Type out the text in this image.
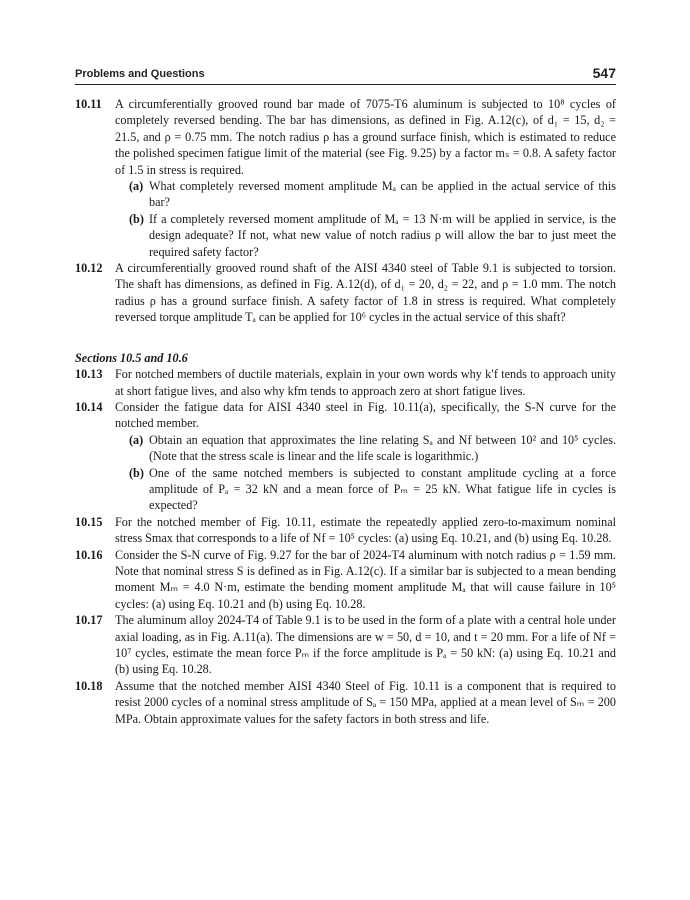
Problems and Questions	547
10.11 A circumferentially grooved round bar made of 7075-T6 aluminum is subjected to 10⁸ cycles of completely reversed bending. The bar has dimensions, as defined in Fig. A.12(c), of d₁ = 15, d₂ = 21.5, and ρ = 0.75 mm. The notch radius ρ has a ground surface finish, which is estimated to reduce the polished specimen fatigue limit of the material (see Fig. 9.25) by a factor mₛ = 0.8. A safety factor of 1.5 in stress is required.
(a) What completely reversed moment amplitude Mₐ can be applied in the actual service of this bar?
(b) If a completely reversed moment amplitude of Mₐ = 13 N·m will be applied in service, is the design adequate? If not, what new value of notch radius ρ will allow the bar to just meet the required safety factor?
10.12 A circumferentially grooved round shaft of the AISI 4340 steel of Table 9.1 is subjected to torsion. The shaft has dimensions, as defined in Fig. A.12(d), of d₁ = 20, d₂ = 22, and ρ = 1.0 mm. The notch radius ρ has a ground surface finish. A safety factor of 1.8 in stress is required. What completely reversed torque amplitude Tₐ can be applied for 10⁶ cycles in the actual service of this shaft?
Sections 10.5 and 10.6
10.13 For notched members of ductile materials, explain in your own words why k′f tends to approach unity at short fatigue lives, and also why kfm tends to approach zero at short fatigue lives.
10.14 Consider the fatigue data for AISI 4340 steel in Fig. 10.11(a), specifically, the S-N curve for the notched member.
(a) Obtain an equation that approximates the line relating Sₐ and Nf between 10² and 10⁵ cycles. (Note that the stress scale is linear and the life scale is logarithmic.)
(b) One of the same notched members is subjected to constant amplitude cycling at a force amplitude of Pₐ = 32 kN and a mean force of Pₘ = 25 kN. What fatigue life in cycles is expected?
10.15 For the notched member of Fig. 10.11, estimate the repeatedly applied zero-to-maximum nominal stress Smax that corresponds to a life of Nf = 10⁵ cycles: (a) using Eq. 10.21, and (b) using Eq. 10.28.
10.16 Consider the S-N curve of Fig. 9.27 for the bar of 2024-T4 aluminum with notch radius ρ = 1.59 mm. Note that nominal stress S is defined as in Fig. A.12(c). If a similar bar is subjected to a mean bending moment Mₘ = 4.0 N·m, estimate the bending moment amplitude Mₐ that will cause failure in 10⁵ cycles: (a) using Eq. 10.21 and (b) using Eq. 10.28.
10.17 The aluminum alloy 2024-T4 of Table 9.1 is to be used in the form of a plate with a central hole under axial loading, as in Fig. A.11(a). The dimensions are w = 50, d = 10, and t = 20 mm. For a life of Nf = 10⁷ cycles, estimate the mean force Pₘ if the force amplitude is Pₐ = 50 kN: (a) using Eq. 10.21 and (b) using Eq. 10.28.
10.18 Assume that the notched member AISI 4340 Steel of Fig. 10.11 is a component that is required to resist 2000 cycles of a nominal stress amplitude of Sₐ = 150 MPa, applied at a mean level of Sₘ = 200 MPa. Obtain approximate values for the safety factors in both stress and life.
